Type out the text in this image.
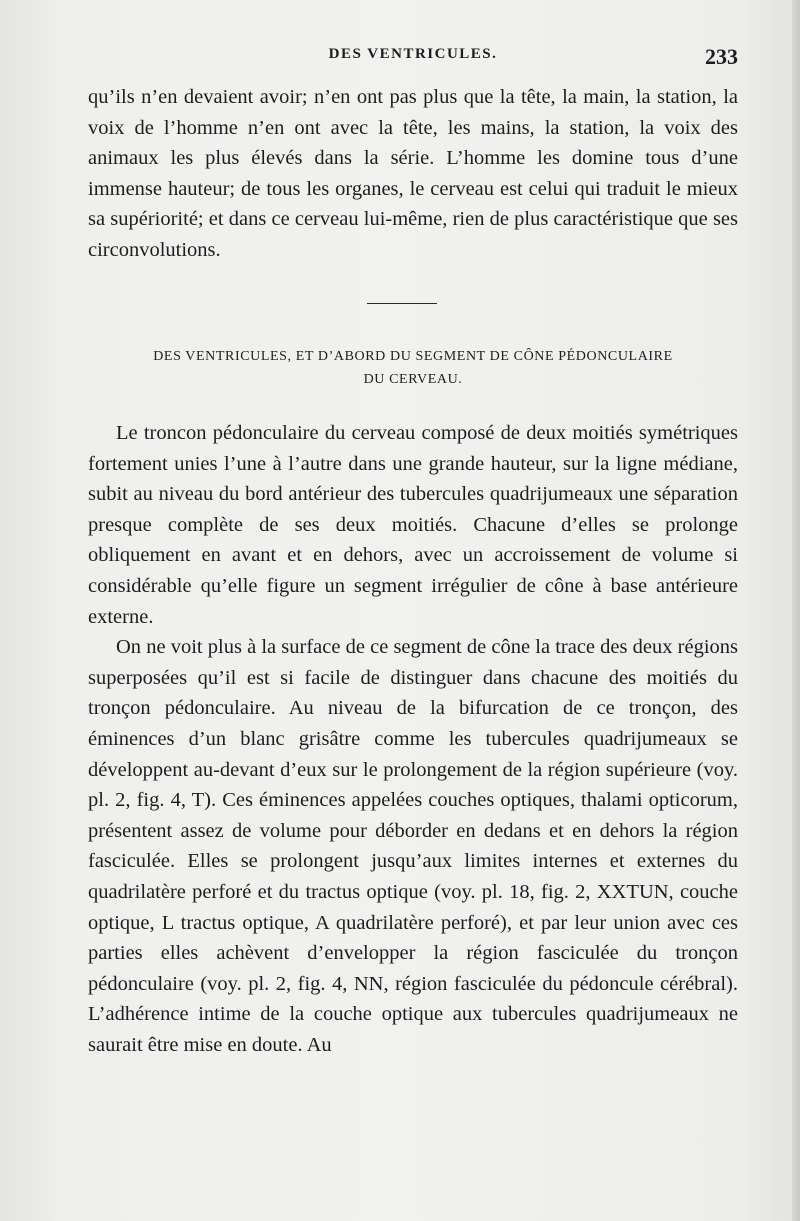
DES VENTRICULES.	233

qu’ils n’en devaient avoir; n’en ont pas plus que la tête, la main, la station, la voix de l’homme n’en ont avec la tête, les mains, la station, la voix des animaux les plus élevés dans la série. L’homme les domine tous d’une immense hauteur; de tous les organes, le cerveau est celui qui traduit le mieux sa supériorité; et dans ce cerveau lui-même, rien de plus caractéristique que ses circonvolutions.

DES VENTRICULES, ET D’ABORD DU SEGMENT DE CÔNE PÉDONCULAIRE
DU CERVEAU.

Le troncon pédonculaire du cerveau composé de deux moitiés symétriques fortement unies l’une à l’autre dans une grande hauteur, sur la ligne médiane, subit au niveau du bord antérieur des tubercules quadrijumeaux une séparation presque complète de ses deux moitiés. Chacune d’elles se prolonge obliquement en avant et en dehors, avec un accroissement de volume si considérable qu’elle figure un segment irrégulier de cône à base antérieure externe.

On ne voit plus à la surface de ce segment de cône la trace des deux régions superposées qu’il est si facile de distinguer dans chacune des moitiés du tronçon pédonculaire. Au niveau de la bifurcation de ce tronçon, des éminences d’un blanc grisâtre comme les tubercules quadrijumeaux se développent au-devant d’eux sur le prolongement de la région supérieure (voy. pl. 2, fig. 4, T). Ces éminences appelées couches optiques, thalami opticorum, présentent assez de volume pour déborder en dedans et en dehors la région fasciculée. Elles se prolongent jusqu’aux limites internes et externes du quadrilatère perforé et du tractus optique (voy. pl. 18, fig. 2, XXTUN, couche optique, L tractus optique, A quadrilatère perforé), et par leur union avec ces parties elles achèvent d’envelopper la région fasciculée du tronçon pédonculaire (voy. pl. 2, fig. 4, NN, région fasciculée du pédoncule cérébral). L’adhérence intime de la couche optique aux tubercules quadrijumeaux ne saurait être mise en doute. Au
